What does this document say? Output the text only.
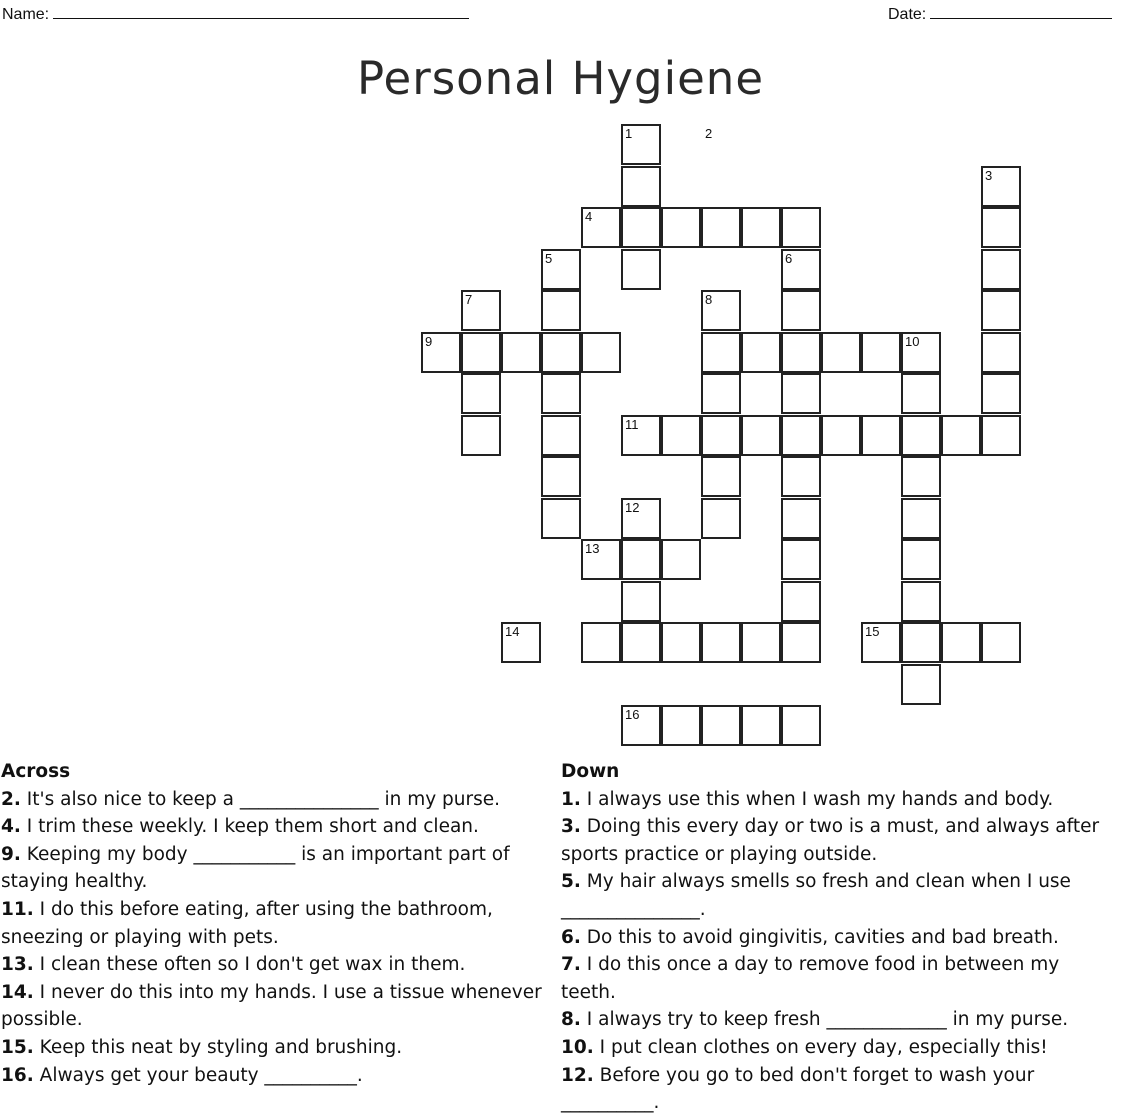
Name:	Date:
Personal Hygiene
1	2
3
4
5	6
7	8
9	10
11
12
13
14	15
16
Across

2. It's also nice to keep a _______________ in my purse.

4. I trim these weekly. I keep them short and clean.

9. Keeping my body ___________ is an important part of staying healthy.

11. I do this before eating, after using the bathroom, sneezing or playing with pets.

13. I clean these often so I don't get wax in them.

14. I never do this into my hands. I use a tissue whenever possible.

15. Keep this neat by styling and brushing.

16. Always get your beauty __________.

Down

1. I always use this when I wash my hands and body.

3. Doing this every day or two is a must, and always after sports practice or playing outside.

5. My hair always smells so fresh and clean when I use _______________.

6. Do this to avoid gingivitis, cavities and bad breath.

7. I do this once a day to remove food in between my teeth.

8. I always try to keep fresh _____________ in my purse.

10. I put clean clothes on every day, especially this!

12. Before you go to bed don't forget to wash your __________.
